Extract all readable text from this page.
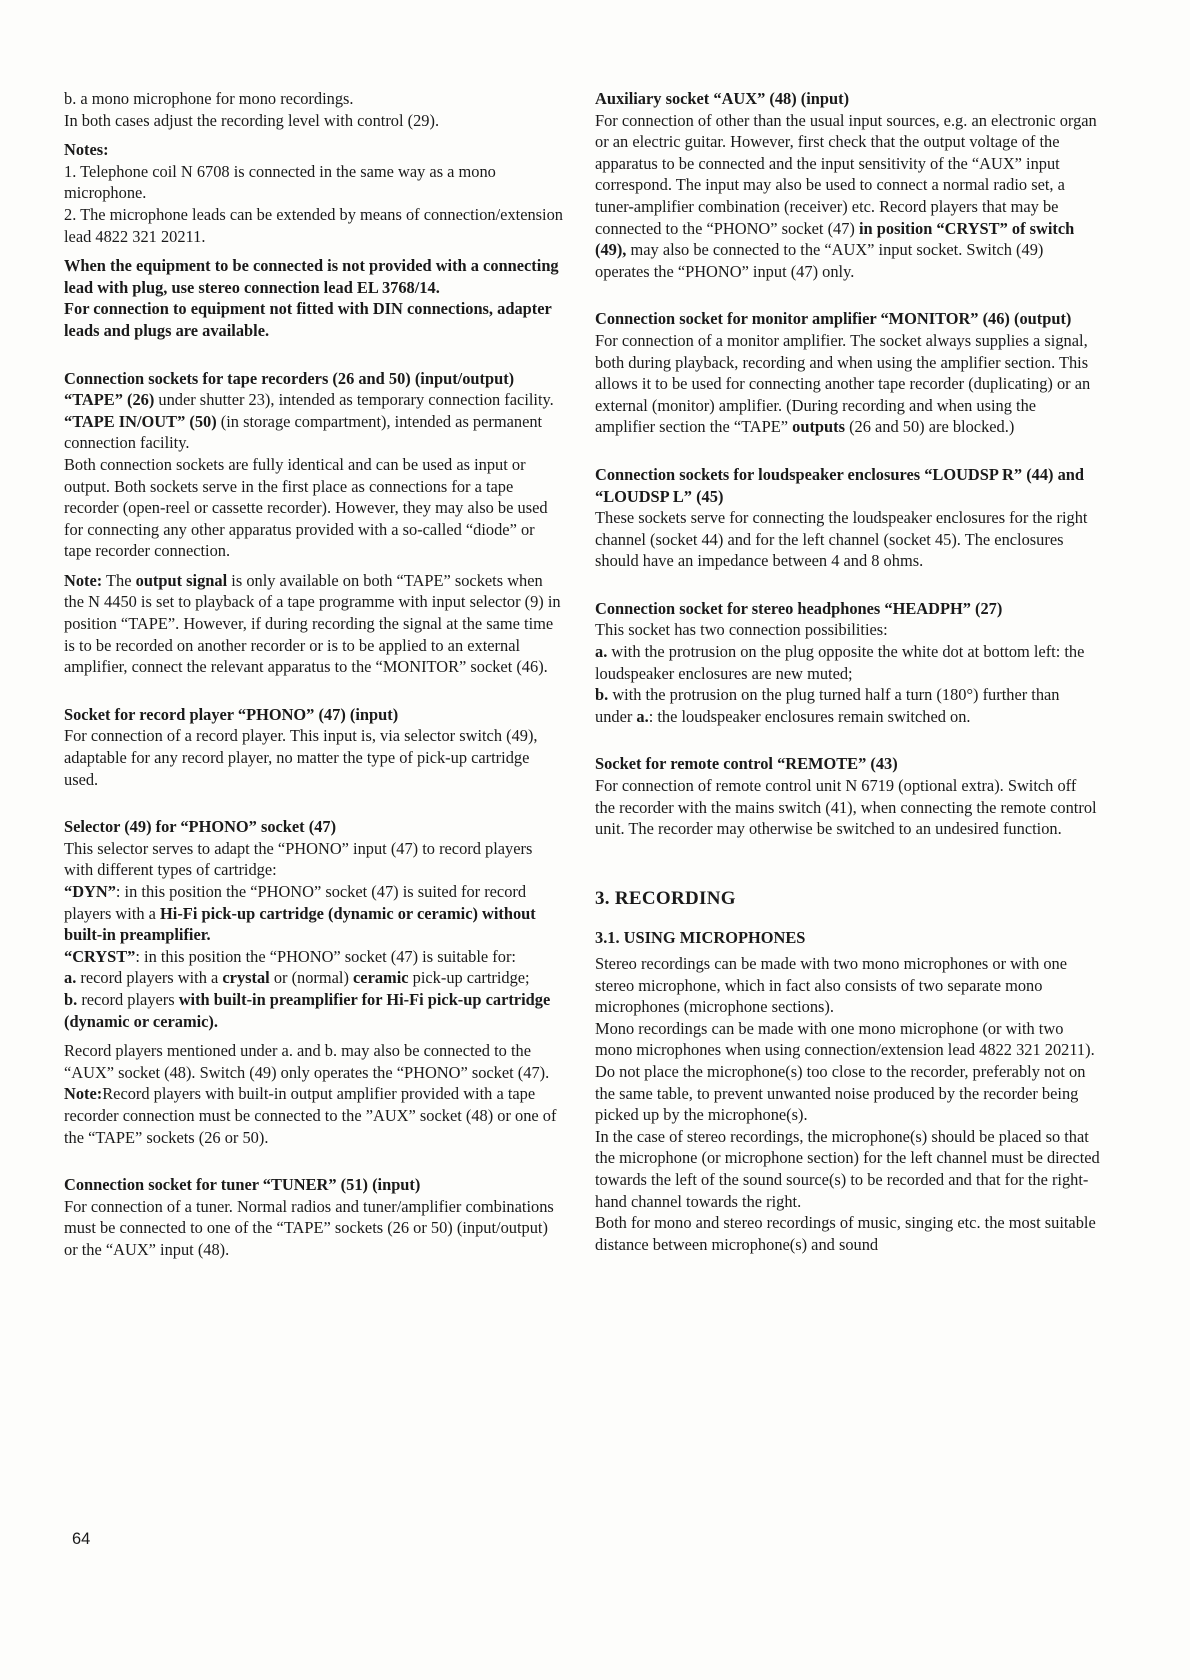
b. a mono microphone for mono recordings.

In both cases adjust the recording level with control (29).

Notes:

1. Telephone coil N 6708 is connected in the same way as a mono microphone.

2. The microphone leads can be extended by means of connection/extension lead 4822 321 20211.

When the equipment to be connected is not provided with a connecting lead with plug, use stereo connection lead EL 3768/14.

For connection to equipment not fitted with DIN connections, adapter leads and plugs are available.

Connection sockets for tape recorders (26 and 50) (input/output)

“TAPE” (26) under shutter 23), intended as temporary connection facility.

“TAPE IN/OUT” (50) (in storage compartment), intended as permanent connection facility.

Both connection sockets are fully identical and can be used as input or output. Both sockets serve in the first place as connections for a tape recorder (open-reel or cassette recorder). However, they may also be used for connecting any other apparatus provided with a so-called “diode” or tape recorder connection.

Note: The output signal is only available on both “TAPE” sockets when the N 4450 is set to playback of a tape programme with input selector (9) in position “TAPE”. However, if during recording the signal at the same time is to be recorded on another recorder or is to be applied to an external amplifier, connect the relevant apparatus to the “MONITOR” socket (46).

Socket for record player “PHONO” (47) (input)

For connection of a record player. This input is, via selector switch (49), adaptable for any record player, no matter the type of pick-up cartridge used.

Selector (49) for “PHONO” socket (47)

This selector serves to adapt the “PHONO” input (47) to record players with different types of cartridge:

“DYN”: in this position the “PHONO” socket (47) is suited for record players with a Hi-Fi pick-up cartridge (dynamic or ceramic) without built-in preamplifier.

“CRYST”: in this position the “PHONO” socket (47) is suitable for:

a. record players with a crystal or (normal) ceramic pick-up cartridge;

b. record players with built-in preamplifier for Hi-Fi pick-up cartridge (dynamic or ceramic).

Record players mentioned under a. and b. may also be connected to the “AUX” socket (48). Switch (49) only operates the “PHONO” socket (47).

Note:Record players with built-in output amplifier provided with a tape recorder connection must be connected to the ”AUX” socket (48) or one of the “TAPE” sockets (26 or 50).

Connection socket for tuner “TUNER” (51) (input)

For connection of a tuner. Normal radios and tuner/amplifier combinations must be connected to one of the “TAPE” sockets (26 or 50) (input/output) or the “AUX” input (48).

Auxiliary socket “AUX” (48) (input)

For connection of other than the usual input sources, e.g. an electronic organ or an electric guitar. However, first check that the output voltage of the apparatus to be connected and the input sensitivity of the “AUX” input correspond. The input may also be used to connect a normal radio set, a tuner-amplifier combination (receiver) etc. Record players that may be connected to the “PHONO” socket (47) in position “CRYST” of switch (49), may also be connected to the “AUX” input socket. Switch (49) operates the “PHONO” input (47) only.

Connection socket for monitor amplifier “MONITOR” (46) (output)

For connection of a monitor amplifier. The socket always supplies a signal, both during playback, recording and when using the amplifier section. This allows it to be used for connecting another tape recorder (duplicating) or an external (monitor) amplifier. (During recording and when using the amplifier section the “TAPE” outputs (26 and 50) are blocked.)

Connection sockets for loudspeaker enclosures “LOUDSP R” (44) and “LOUDSP L” (45)

These sockets serve for connecting the loudspeaker enclosures for the right channel (socket 44) and for the left channel (socket 45). The enclosures should have an impedance between 4 and 8 ohms.

Connection socket for stereo headphones “HEADPH” (27)

This socket has two connection possibilities:

a. with the protrusion on the plug opposite the white dot at bottom left: the loudspeaker enclosures are new muted;

b. with the protrusion on the plug turned half a turn (180°) further than under a.: the loudspeaker enclosures remain switched on.

Socket for remote control “REMOTE” (43)

For connection of remote control unit N 6719 (optional extra). Switch off the recorder with the mains switch (41), when connecting the remote control unit. The recorder may otherwise be switched to an undesired function.

3. RECORDING

3.1. USING MICROPHONES

Stereo recordings can be made with two mono microphones or with one stereo microphone, which in fact also consists of two separate mono microphones (microphone sections).

Mono recordings can be made with one mono microphone (or with two mono microphones when using connection/extension lead 4822 321 20211).

Do not place the microphone(s) too close to the recorder, preferably not on the same table, to prevent unwanted noise produced by the recorder being picked up by the microphone(s).

In the case of stereo recordings, the microphone(s) should be placed so that the microphone (or microphone section) for the left channel must be directed towards the left of the sound source(s) to be recorded and that for the right-hand channel towards the right.

Both for mono and stereo recordings of music, singing etc. the most suitable distance between microphone(s) and sound

64
